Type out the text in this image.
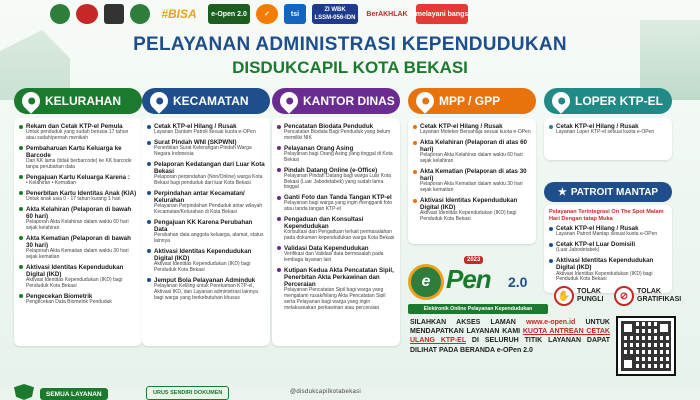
#BISA	e-Open 2.0	✓	tsi
ZI WBK
LSSM-056-IDN
BerAKHLAK #melayani bangsa
PELAYANAN ADMINISTRASI KEPENDUDUKAN
DISDUKCAPIL KOTA BEKASI
KELURAHAN
Rekam dan Cetak KTP-el Pemula
Untuk penduduk yang sudah berusia 17 tahun atau sudah/pernah menikah
Pembaharuan Kartu Keluarga ke Barcode
Dari KK lama (tidak berbarcode) ke KK barcode tanpa perubahan data
Pengajuan Kartu Keluarga Karena :
• Kelahiran • Kematian
Penerbitan Kartu Identitas Anak (KIA)
Untuk anak usia 0 - 17 tahun kurang 1 hari
Akta Kelahiran (Pelaporan di bawah 60 hari)
Pelaporan Akta Kelahiran dalam waktu 60 hari sejak kelahiran
Akta Kematian (Pelaporan di bawah 30 hari)
Pelaporan Akta Kematian dalam waktu 30 hari sejak kematian
Aktivasi Identitas Kependudukan Digital (IKD)
Aktivasi Identitas Kependudukan (IKD) bagi Penduduk Kota Bekasi
Pengecekan Biometrik
Pengecekan Data Biometrik Penduduk
KECAMATAN
Cetak KTP-el Hilang / Rusak
Layanan Dantam Patroli sesuai kuota e-OPen
Surat Pindah WNI (SKPWNI)
Penerbitan Surat Keterangan Pindah Warga Negara Indonesia
Pelaporan Kedatangan dari Luar Kota Bekasi
Pelaporan perpindahan (Non/Online) warga Kota Bekasi bagi penduduk dari luar Kota Bekasi
Perpindahan antar Kecamatan/ Kelurahan
Pelayanan Perpindahan Penduduk antar wilayah Kecamatan/Kelurahan di Kota Bekasi
Pengajuan KK Karena Perubahan Data
Perubahan data anggota keluarga, alamat, status lainnya
Aktivasi Identitas Kependudukan Digital (IKD)
Aktivasi Identitas Kependudukan (IKD) bagi Penduduk Kota Bekasi
Jemput Bola Pelayanan Adminduk
Pelayanan Keliling untuk Perekaman KTP-el, Aktivasi IKD, dan Layanan administrasi lainnya bagi warga yang berkebutuhan khusus
KANTOR DINAS
Pencatatan Biodata Penduduk
Pencatatan Biodata Bagi Penduduk yang belum memiliki NIK
Pelayanan Orang Asing
Pelayanan bagi Orang Asing yang tinggal di Kota Bekasi
Pindah Datang Online (e-Office)
Pelayanan Pindah Datang bagi warga Luar Kota Bekasi (Luar Jabodetabek) yang sudah lama tinggal
Ganti Foto dan Tanda Tangan KTP-el
Pelayanan bagi warga yang ingin mengganti foto atau tanda tangan KTP-el
Pengaduan dan Konsultasi Kependudukan
Konsultasi dan Pengaduan terkait permasalahan pada dokumen kependudukan warga Kota Bekasi
Validasi Data Kependudukan
Verifikasi dan Validasi data bermasalah pada lembaga layanan lain
Kutipan Kedua Akta Pencatatan Sipil, Penerbitan Akta Perkawinan dan Perceraian
Pelayanan Pencatatan Sipil bagi warga yang mengalami rusak/hilang Akta Pencatatan Sipil serta Pelayanan bagi warga yang ingin melaksanakan perkawinan atau perceraian
MPP / GPP
Cetak KTP-el Hilang / Rusak
Layanan Moteker Bersahaja sesuai kuota e-OPen
Akta Kelahiran (Pelaporan di atas 60 hari)
Pelaporan Akta Kelahiran dalam waktu 60 hari sejak kelahiran
Akta Kematian (Pelaporan di atas 30 hari)
Pelaporan Akta Kematian dalam waktu 30 hari sejak kematian
Aktivasi Identitas Kependudukan Digital (IKD)
Aktivasi Identitas Kependudukan (IKD) bagi Penduduk Kota Bekasi
LOPER KTP-EL
Cetak KTP-el Hilang / Rusak
Layanan Loper KTP-el sesuai kuota e-OPen
★ PATROIT MANTAP
Pelayanan Terintegrasi On The Spot Malam Hari Dengan tatap Muka
Cetak KTP-el Hilang / Rusak
Layanan Patroit Mantap sesuai kuota e-OPen
Cetak KTP-el Luar Domisili
(Luar Jabodetabek)
Aktivasi Identitas Kependudukan Digital (IKD)
Aktivasi Identitas Kependudukan (IKD) bagi Penduduk Kota Bekasi
e Pen 2.0
2023
Elektronik Online Pelayanan Kependudukan
✋ TOLAK PUNGLI	⊘	TOLAK GRATIFIKASI
SILAHKAN AKSES LAMAN www.e-open.id UNTUK MENDAPATKAN LAYANAN KAMI KUOTA ANTREAN CETAK ULANG KTP-EL DI SELURUH TITIK LAYANAN DAPAT DILIHAT PADA BERANDA e-OPen 2.0
SEMUA LAYANAN	URUS SENDIRI DOKUMEN	@disdukcapilkotabekasi
